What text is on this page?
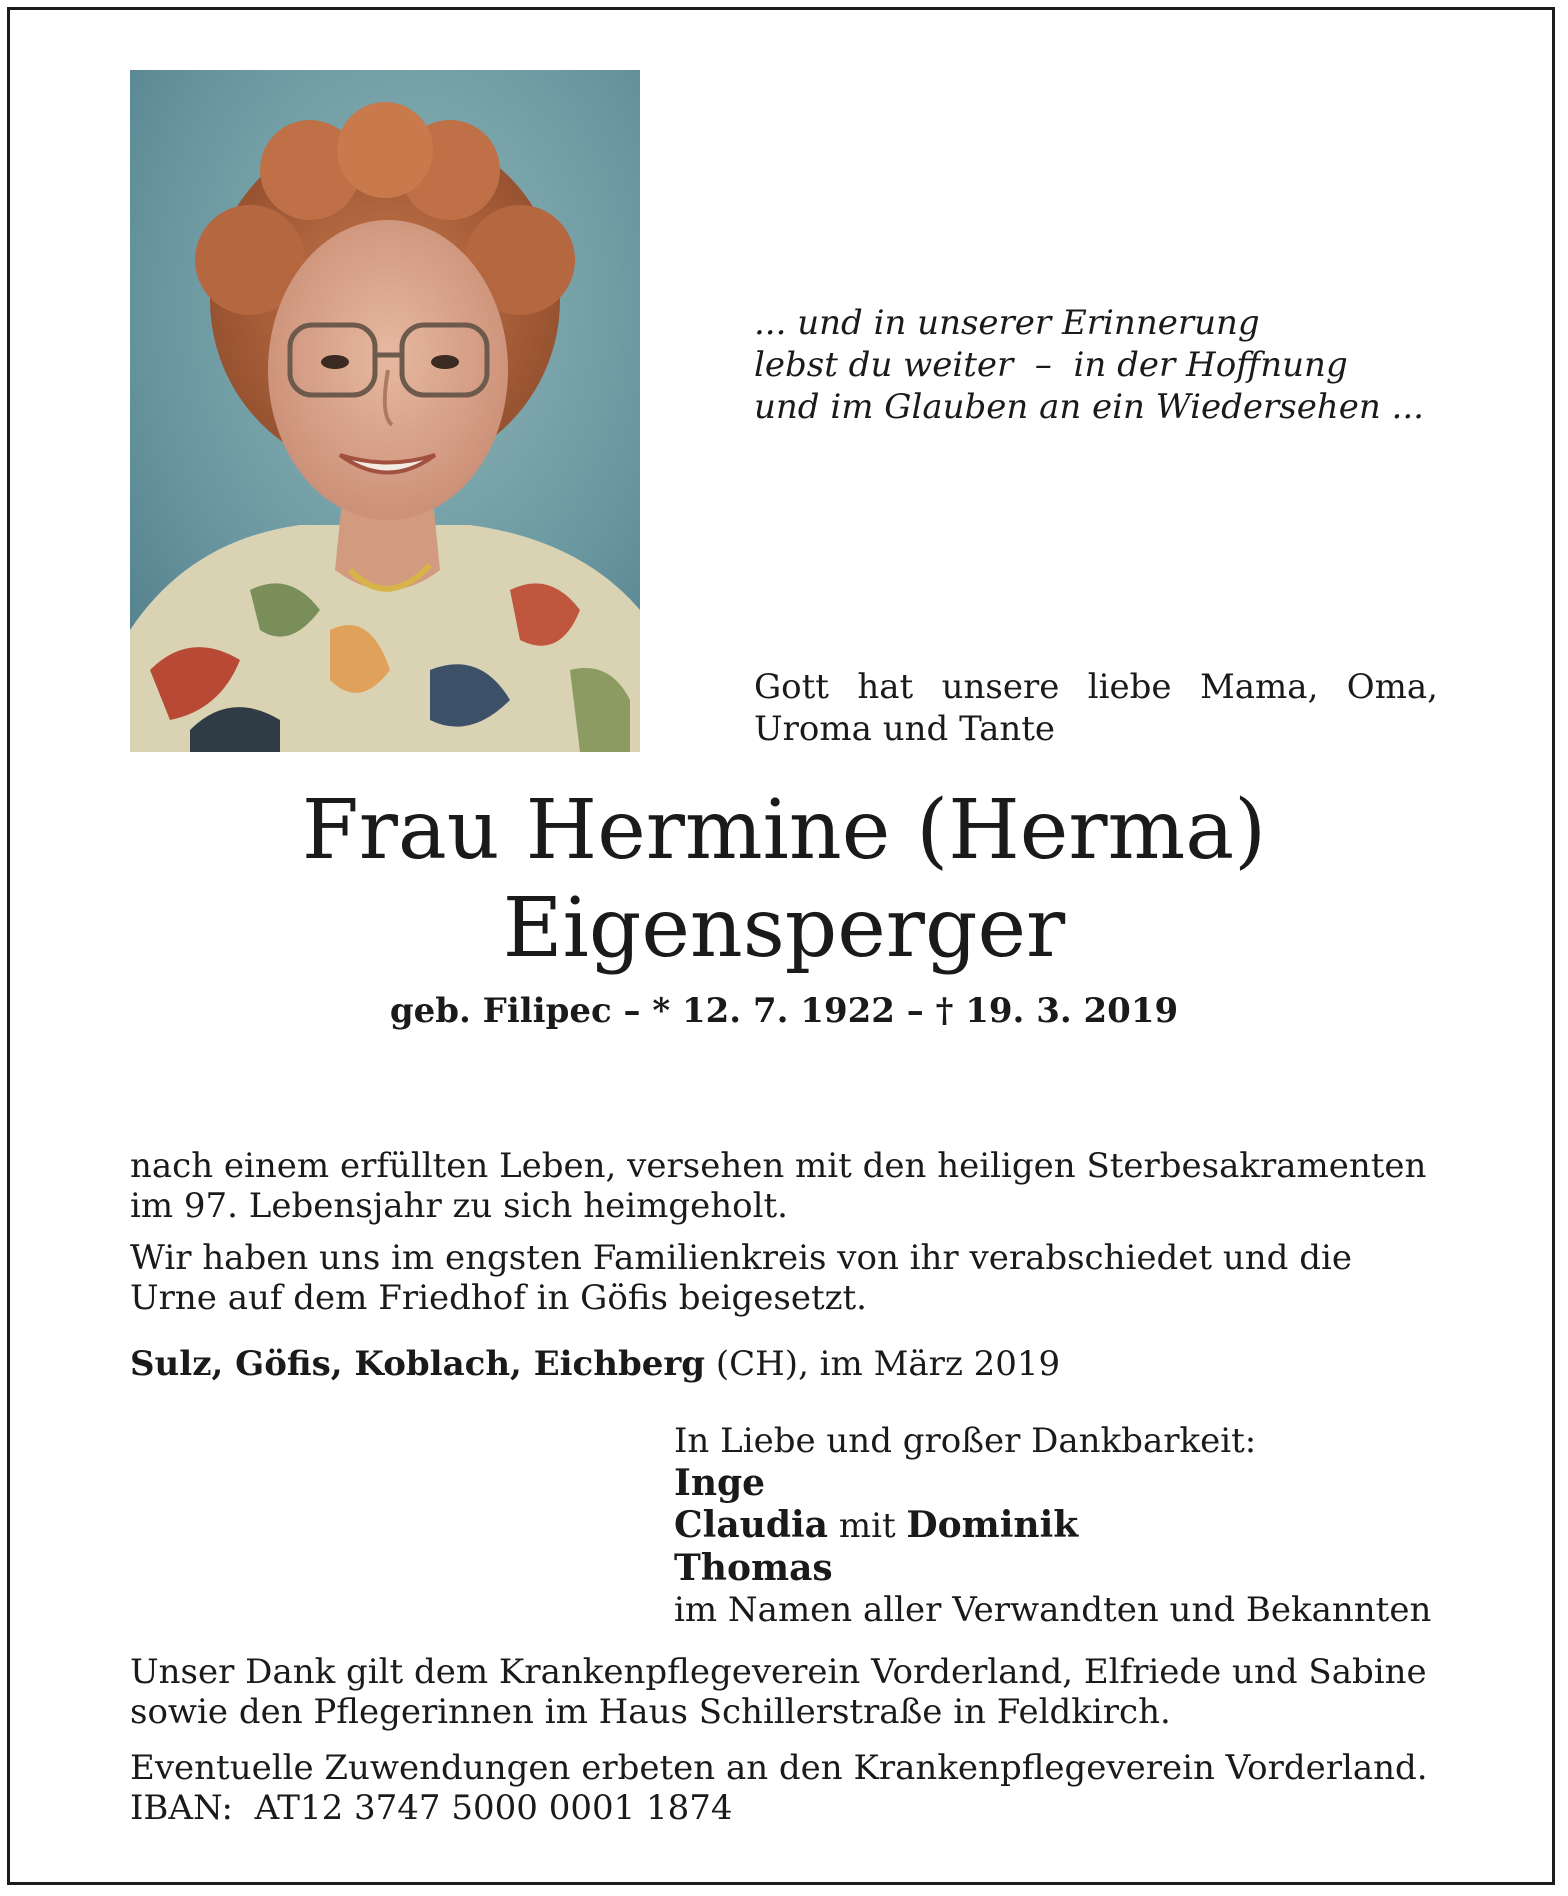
... und in unserer Erinnerung
lebst du weiter  –  in der Hoffnung
und im Glauben an ein Wiedersehen ...
Gott hat unsere liebe Mama, Oma, Uroma und Tante
Frau Hermine (Herma)
Eigensperger
geb. Filipec – * 12. 7. 1922 – † 19. 3. 2019
nach einem erfüllten Leben, versehen mit den heiligen Sterbesakramenten im 97. Lebensjahr zu sich heimgeholt.
Wir haben uns im engsten Familienkreis von ihr verabschiedet und die Urne auf dem Friedhof in Göfis beigesetzt.
Sulz, Göfis, Koblach, Eichberg (CH), im März 2019
In Liebe und großer Dankbarkeit:
Inge
Claudia mit Dominik
Thomas
im Namen aller Verwandten und Bekannten
Unser Dank gilt dem Krankenpflegeverein Vorderland, Elfriede und Sabine
sowie den Pflegerinnen im Haus Schillerstraße in Feldkirch.
Eventuelle Zuwendungen erbeten an den Krankenpflegeverein Vorderland.
IBAN:  AT12 3747 5000 0001 1874
